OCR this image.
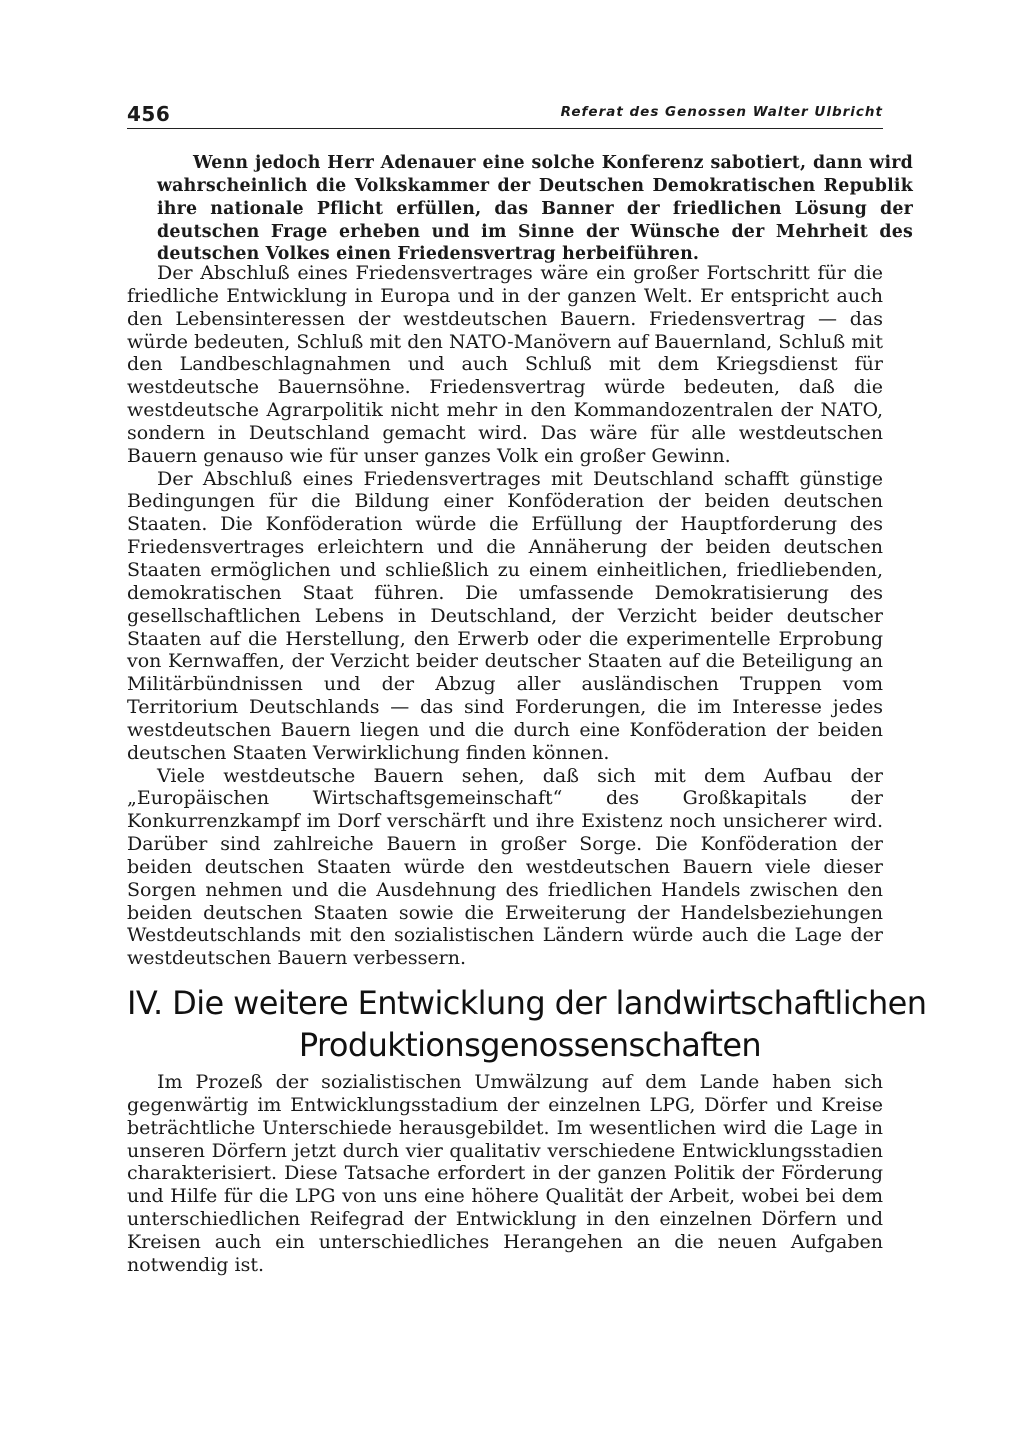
456	Referat des Genossen Walter Ulbricht

Wenn jedoch Herr Adenauer eine solche Konferenz sabotiert, dann wird wahrscheinlich die Volkskammer der Deutschen Demokratischen Republik ihre nationale Pflicht erfüllen, das Banner der friedlichen Lösung der deutschen Frage erheben und im Sinne der Wünsche der Mehrheit des deutschen Volkes einen Friedensvertrag herbeiführen.

Der Abschluß eines Friedensvertrages wäre ein großer Fortschritt für die friedliche Entwicklung in Europa und in der ganzen Welt. Er entspricht auch den Lebensinteressen der westdeutschen Bauern. Friedensvertrag — das würde bedeuten, Schluß mit den NATO-Manövern auf Bauernland, Schluß mit den Landbeschlagnahmen und auch Schluß mit dem Kriegsdienst für westdeutsche Bauernsöhne. Friedensvertrag würde bedeuten, daß die westdeutsche Agrarpolitik nicht mehr in den Kommandozentralen der NATO, sondern in Deutschland gemacht wird. Das wäre für alle westdeutschen Bauern genauso wie für unser ganzes Volk ein großer Gewinn.

Der Abschluß eines Friedensvertrages mit Deutschland schafft günstige Bedingungen für die Bildung einer Konföderation der beiden deutschen Staaten. Die Konföderation würde die Erfüllung der Hauptforderung des Friedensvertrages erleichtern und die Annäherung der beiden deutschen Staaten ermöglichen und schließlich zu einem einheitlichen, friedliebenden, demokratischen Staat führen. Die umfassende Demokratisierung des gesellschaftlichen Lebens in Deutschland, der Verzicht beider deutscher Staaten auf die Herstellung, den Erwerb oder die experimentelle Erprobung von Kernwaffen, der Verzicht beider deutscher Staaten auf die Beteiligung an Militärbündnissen und der Abzug aller ausländischen Truppen vom Territorium Deutschlands — das sind Forderungen, die im Interesse jedes westdeutschen Bauern liegen und die durch eine Konföderation der beiden deutschen Staaten Verwirklichung finden können.

Viele westdeutsche Bauern sehen, daß sich mit dem Aufbau der „Europäischen Wirtschaftsgemeinschaft“ des Großkapitals der Konkurrenzkampf im Dorf verschärft und ihre Existenz noch unsicherer wird. Darüber sind zahlreiche Bauern in großer Sorge. Die Konföderation der beiden deutschen Staaten würde den westdeutschen Bauern viele dieser Sorgen nehmen und die Ausdehnung des friedlichen Handels zwischen den beiden deutschen Staaten sowie die Erweiterung der Handelsbeziehungen Westdeutschlands mit den sozialistischen Ländern würde auch die Lage der westdeutschen Bauern verbessern.

IV. Die weitere Entwicklung der landwirtschaftlichen
Produktionsgenossenschaften

Im Prozeß der sozialistischen Umwälzung auf dem Lande haben sich gegenwärtig im Entwicklungsstadium der einzelnen LPG, Dörfer und Kreise beträchtliche Unterschiede herausgebildet. Im wesentlichen wird die Lage in unseren Dörfern jetzt durch vier qualitativ verschiedene Entwicklungsstadien charakterisiert. Diese Tatsache erfordert in der ganzen Politik der Förderung und Hilfe für die LPG von uns eine höhere Qualität der Arbeit, wobei bei dem unterschiedlichen Reifegrad der Entwicklung in den einzelnen Dörfern und Kreisen auch ein unterschiedliches Herangehen an die neuen Aufgaben notwendig ist.
